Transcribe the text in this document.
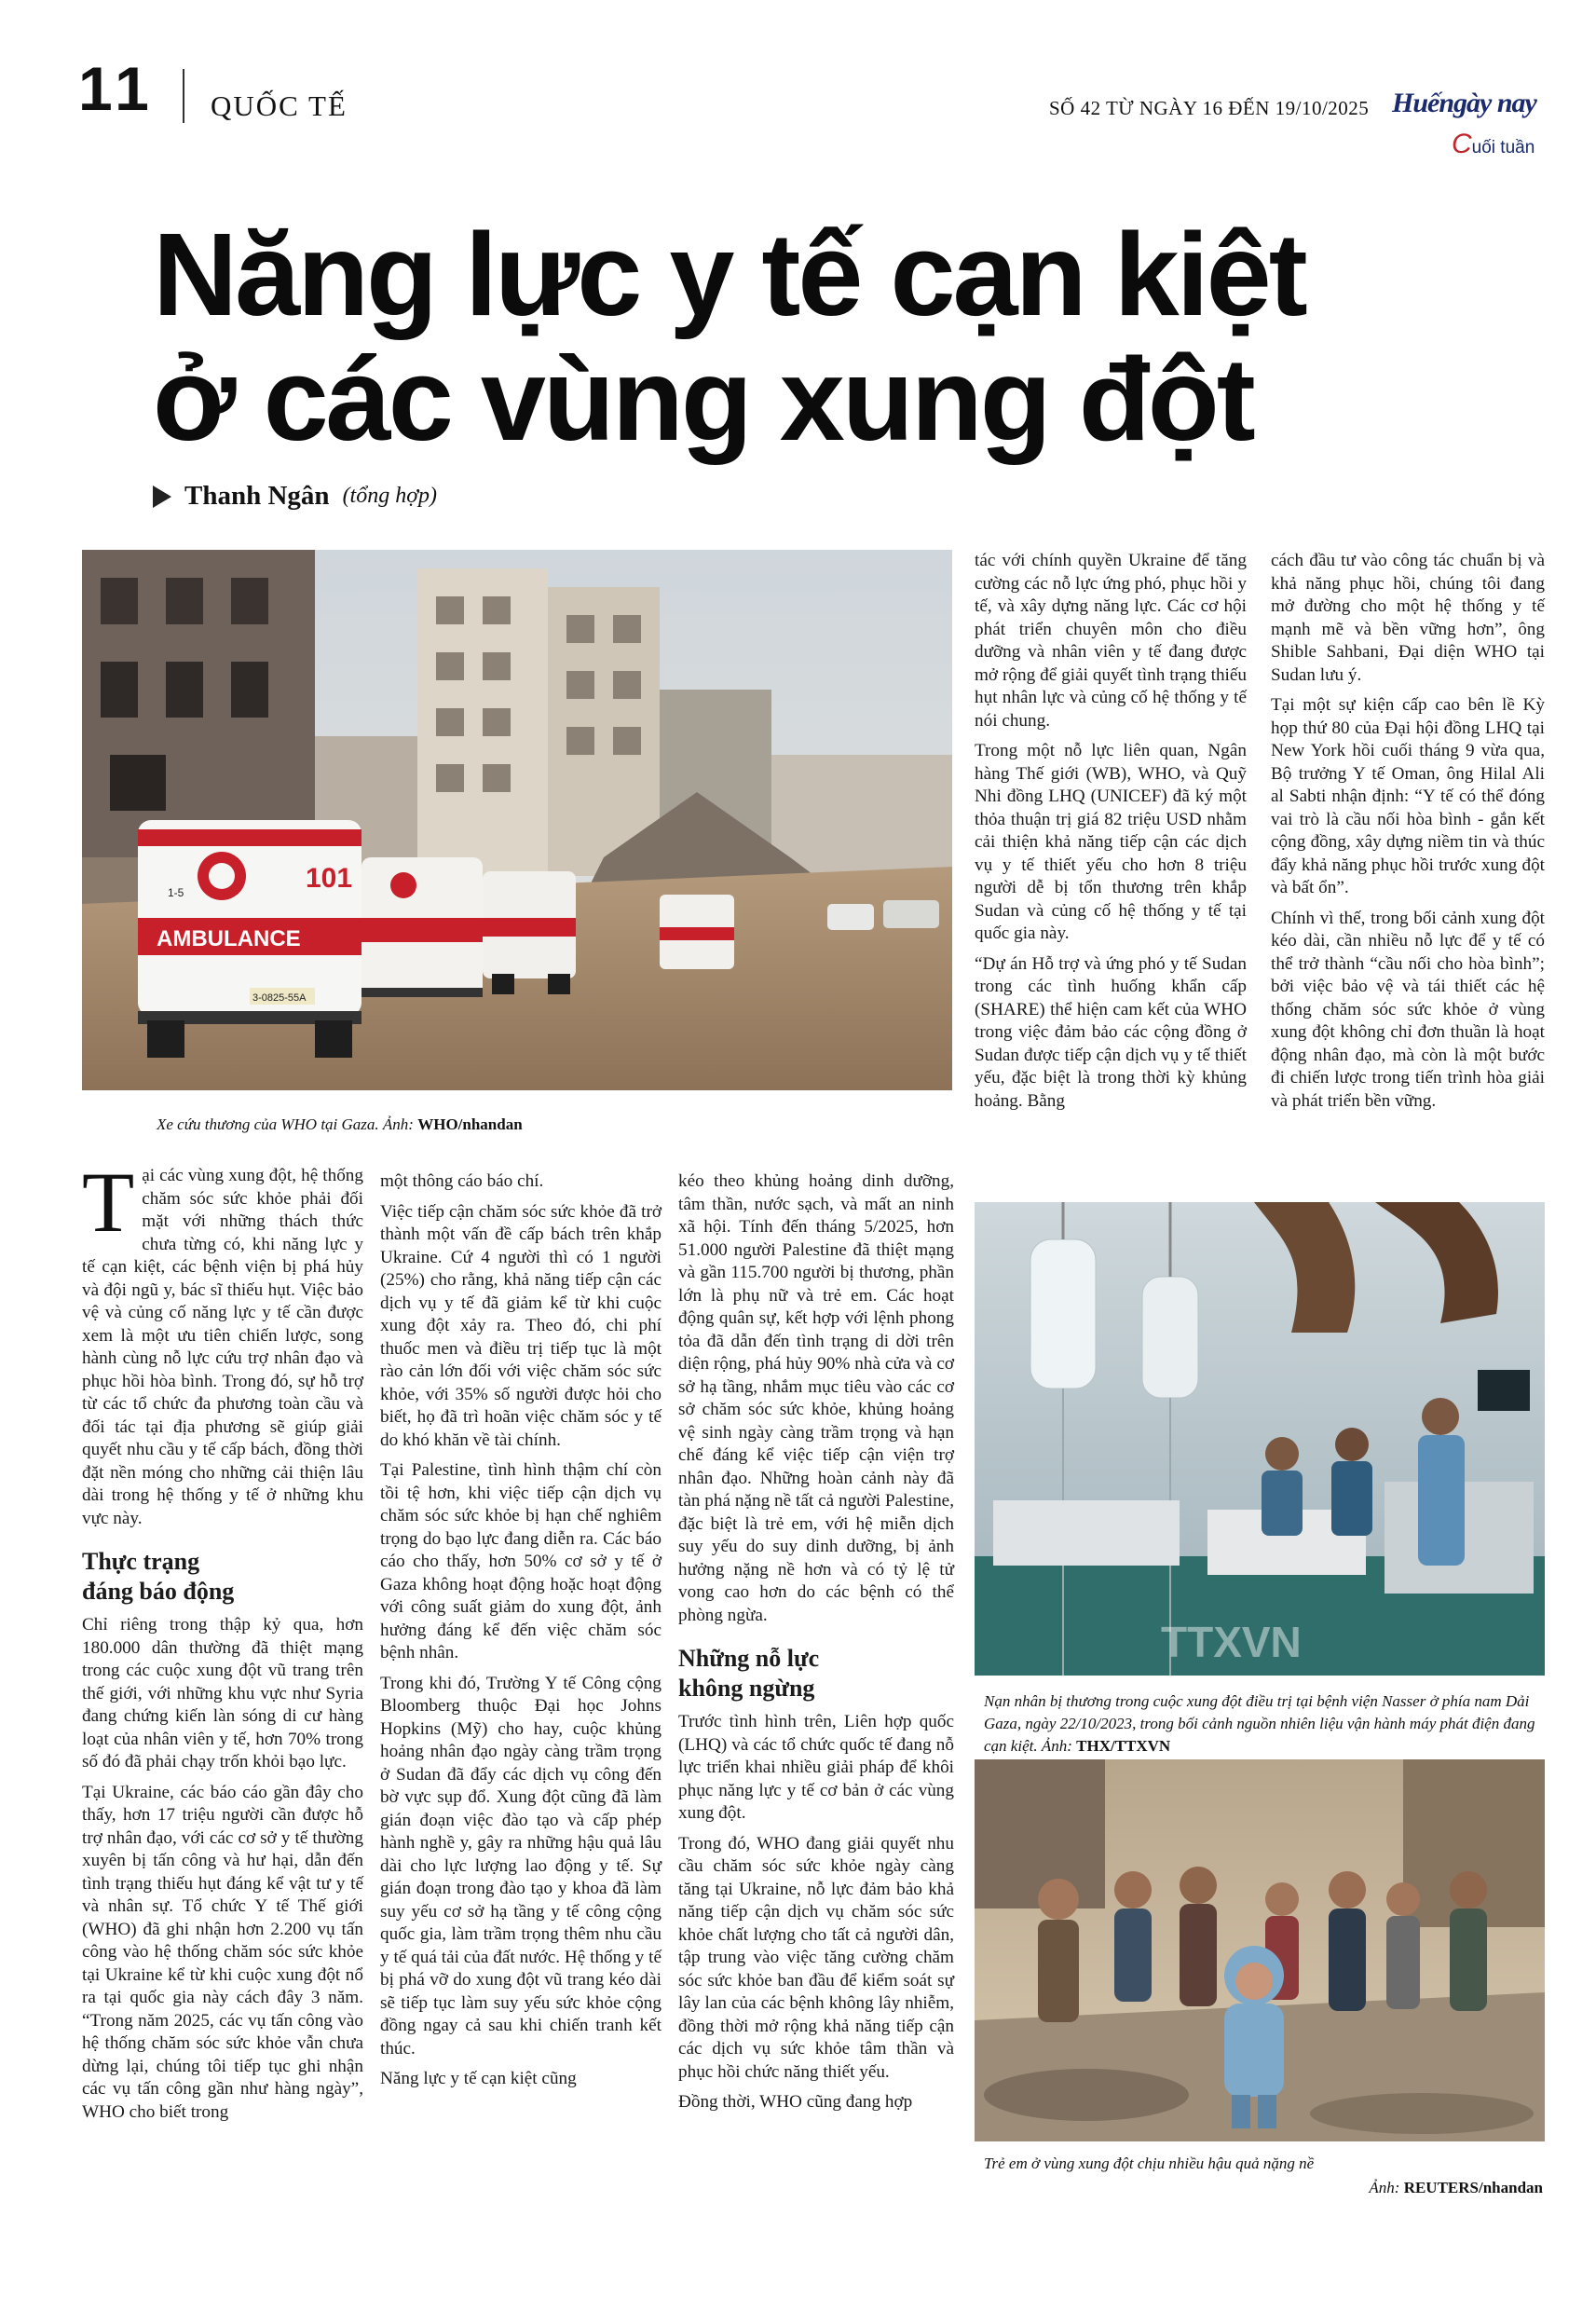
11 QUỐC TẾ	SỐ 42 TỪ NGÀY 16 ĐẾN 19/10/2025 Huếngày nay
Cuối tuần
Năng lực y tế cạn kiệt
ở các vùng xung đột
Thanh Ngân (tổng hợp)
101
1-5
AMBULANCE
3-0825-55A
Xe cứu thương của WHO tại Gaza. Ảnh: WHO/nhandan
TTXVN
Nạn nhân bị thương trong cuộc xung đột điều trị tại bệnh viện Nasser ở phía nam Dải Gaza, ngày 22/10/2023, trong bối cảnh nguồn nhiên liệu vận hành máy phát điện đang cạn kiệt. Ảnh: THX/TTXVN
Trẻ em ở vùng xung đột chịu nhiều hậu quả nặng nề
Ảnh: REUTERS/nhandan

Tại các vùng xung đột, hệ thống chăm sóc sức khỏe phải đối mặt với những thách thức chưa từng có, khi năng lực y tế cạn kiệt, các bệnh viện bị phá hủy và đội ngũ y, bác sĩ thiếu hụt. Việc bảo vệ và củng cố năng lực y tế cần được xem là một ưu tiên chiến lược, song hành cùng nỗ lực cứu trợ nhân đạo và phục hồi hòa bình. Trong đó, sự hỗ trợ từ các tổ chức đa phương toàn cầu và đối tác tại địa phương sẽ giúp giải quyết nhu cầu y tế cấp bách, đồng thời đặt nền móng cho những cải thiện lâu dài trong hệ thống y tế ở những khu vực này.

Thực trạng
đáng báo động

Chỉ riêng trong thập kỷ qua, hơn 180.000 dân thường đã thiệt mạng trong các cuộc xung đột vũ trang trên thế giới, với những khu vực như Syria đang chứng kiến làn sóng di cư hàng loạt của nhân viên y tế, hơn 70% trong số đó đã phải chạy trốn khỏi bạo lực.

Tại Ukraine, các báo cáo gần đây cho thấy, hơn 17 triệu người cần được hỗ trợ nhân đạo, với các cơ sở y tế thường xuyên bị tấn công và hư hại, dẫn đến tình trạng thiếu hụt đáng kể vật tư y tế và nhân sự. Tổ chức Y tế Thế giới (WHO) đã ghi nhận hơn 2.200 vụ tấn công vào hệ thống chăm sóc sức khỏe tại Ukraine kể từ khi cuộc xung đột nổ ra tại quốc gia này cách đây 3 năm. “Trong năm 2025, các vụ tấn công vào hệ thống chăm sóc sức khỏe vẫn chưa dừng lại, chúng tôi tiếp tục ghi nhận các vụ tấn công gần như hàng ngày”, WHO cho biết trong

một thông cáo báo chí.

Việc tiếp cận chăm sóc sức khỏe đã trở thành một vấn đề cấp bách trên khắp Ukraine. Cứ 4 người thì có 1 người (25%) cho rằng, khả năng tiếp cận các dịch vụ y tế đã giảm kể từ khi cuộc xung đột xảy ra. Theo đó, chi phí thuốc men và điều trị tiếp tục là một rào cản lớn đối với việc chăm sóc sức khỏe, với 35% số người được hỏi cho biết, họ đã trì hoãn việc chăm sóc y tế do khó khăn về tài chính.

Tại Palestine, tình hình thậm chí còn tồi tệ hơn, khi việc tiếp cận dịch vụ chăm sóc sức khỏe bị hạn chế nghiêm trọng do bạo lực đang diễn ra. Các báo cáo cho thấy, hơn 50% cơ sở y tế ở Gaza không hoạt động hoặc hoạt động với công suất giảm do xung đột, ảnh hưởng đáng kể đến việc chăm sóc bệnh nhân.

Trong khi đó, Trường Y tế Công cộng Bloomberg thuộc Đại học Johns Hopkins (Mỹ) cho hay, cuộc khủng hoảng nhân đạo ngày càng trầm trọng ở Sudan đã đẩy các dịch vụ công đến bờ vực sụp đổ. Xung đột cũng đã làm gián đoạn việc đào tạo và cấp phép hành nghề y, gây ra những hậu quả lâu dài cho lực lượng lao động y tế. Sự gián đoạn trong đào tạo y khoa đã làm suy yếu cơ sở hạ tầng y tế công cộng quốc gia, làm trầm trọng thêm nhu cầu y tế quá tải của đất nước. Hệ thống y tế bị phá vỡ do xung đột vũ trang kéo dài sẽ tiếp tục làm suy yếu sức khỏe cộng đồng ngay cả sau khi chiến tranh kết thúc.

Năng lực y tế cạn kiệt cũng

kéo theo khủng hoảng dinh dưỡng, tâm thần, nước sạch, và mất an ninh xã hội. Tính đến tháng 5/2025, hơn 51.000 người Palestine đã thiệt mạng và gần 115.700 người bị thương, phần lớn là phụ nữ và trẻ em. Các hoạt động quân sự, kết hợp với lệnh phong tỏa đã dẫn đến tình trạng di dời trên diện rộng, phá hủy 90% nhà cửa và cơ sở hạ tầng, nhắm mục tiêu vào các cơ sở chăm sóc sức khỏe, khủng hoảng vệ sinh ngày càng trầm trọng và hạn chế đáng kể việc tiếp cận viện trợ nhân đạo. Những hoàn cảnh này đã tàn phá nặng nề tất cả người Palestine, đặc biệt là trẻ em, với hệ miễn dịch suy yếu do suy dinh dưỡng, bị ảnh hưởng nặng nề hơn và có tỷ lệ tử vong cao hơn do các bệnh có thể phòng ngừa.

Những nỗ lực
không ngừng

Trước tình hình trên, Liên hợp quốc (LHQ) và các tổ chức quốc tế đang nỗ lực triển khai nhiều giải pháp để khôi phục năng lực y tế cơ bản ở các vùng xung đột.

Trong đó, WHO đang giải quyết nhu cầu chăm sóc sức khỏe ngày càng tăng tại Ukraine, nỗ lực đảm bảo khả năng tiếp cận dịch vụ chăm sóc sức khỏe chất lượng cho tất cả người dân, tập trung vào việc tăng cường chăm sóc sức khỏe ban đầu để kiểm soát sự lây lan của các bệnh không lây nhiễm, đồng thời mở rộng khả năng tiếp cận các dịch vụ sức khỏe tâm thần và phục hồi chức năng thiết yếu.

Đồng thời, WHO cũng đang hợp

tác với chính quyền Ukraine để tăng cường các nỗ lực ứng phó, phục hồi y tế, và xây dựng năng lực. Các cơ hội phát triển chuyên môn cho điều dưỡng và nhân viên y tế đang được mở rộng để giải quyết tình trạng thiếu hụt nhân lực và củng cố hệ thống y tế nói chung.

Trong một nỗ lực liên quan, Ngân hàng Thế giới (WB), WHO, và Quỹ Nhi đồng LHQ (UNICEF) đã ký một thỏa thuận trị giá 82 triệu USD nhằm cải thiện khả năng tiếp cận các dịch vụ y tế thiết yếu cho hơn 8 triệu người dễ bị tổn thương trên khắp Sudan và củng cố hệ thống y tế tại quốc gia này.

“Dự án Hỗ trợ và ứng phó y tế Sudan trong các tình huống khẩn cấp (SHARE) thể hiện cam kết của WHO trong việc đảm bảo các cộng đồng ở Sudan được tiếp cận dịch vụ y tế thiết yếu, đặc biệt là trong thời kỳ khủng hoảng. Bằng

cách đầu tư vào công tác chuẩn bị và khả năng phục hồi, chúng tôi đang mở đường cho một hệ thống y tế mạnh mẽ và bền vững hơn”, ông Shible Sahbani, Đại diện WHO tại Sudan lưu ý.

Tại một sự kiện cấp cao bên lề Kỳ họp thứ 80 của Đại hội đồng LHQ tại New York hồi cuối tháng 9 vừa qua, Bộ trưởng Y tế Oman, ông Hilal Ali al Sabti nhận định: “Y tế có thể đóng vai trò là cầu nối hòa bình - gắn kết cộng đồng, xây dựng niềm tin và thúc đẩy khả năng phục hồi trước xung đột và bất ổn”.

Chính vì thế, trong bối cảnh xung đột kéo dài, cần nhiều nỗ lực để y tế có thể trở thành “cầu nối cho hòa bình”; bởi việc bảo vệ và tái thiết các hệ thống chăm sóc sức khỏe ở vùng xung đột không chỉ đơn thuần là hoạt động nhân đạo, mà còn là một bước đi chiến lược trong tiến trình hòa giải và phát triển bền vững.
